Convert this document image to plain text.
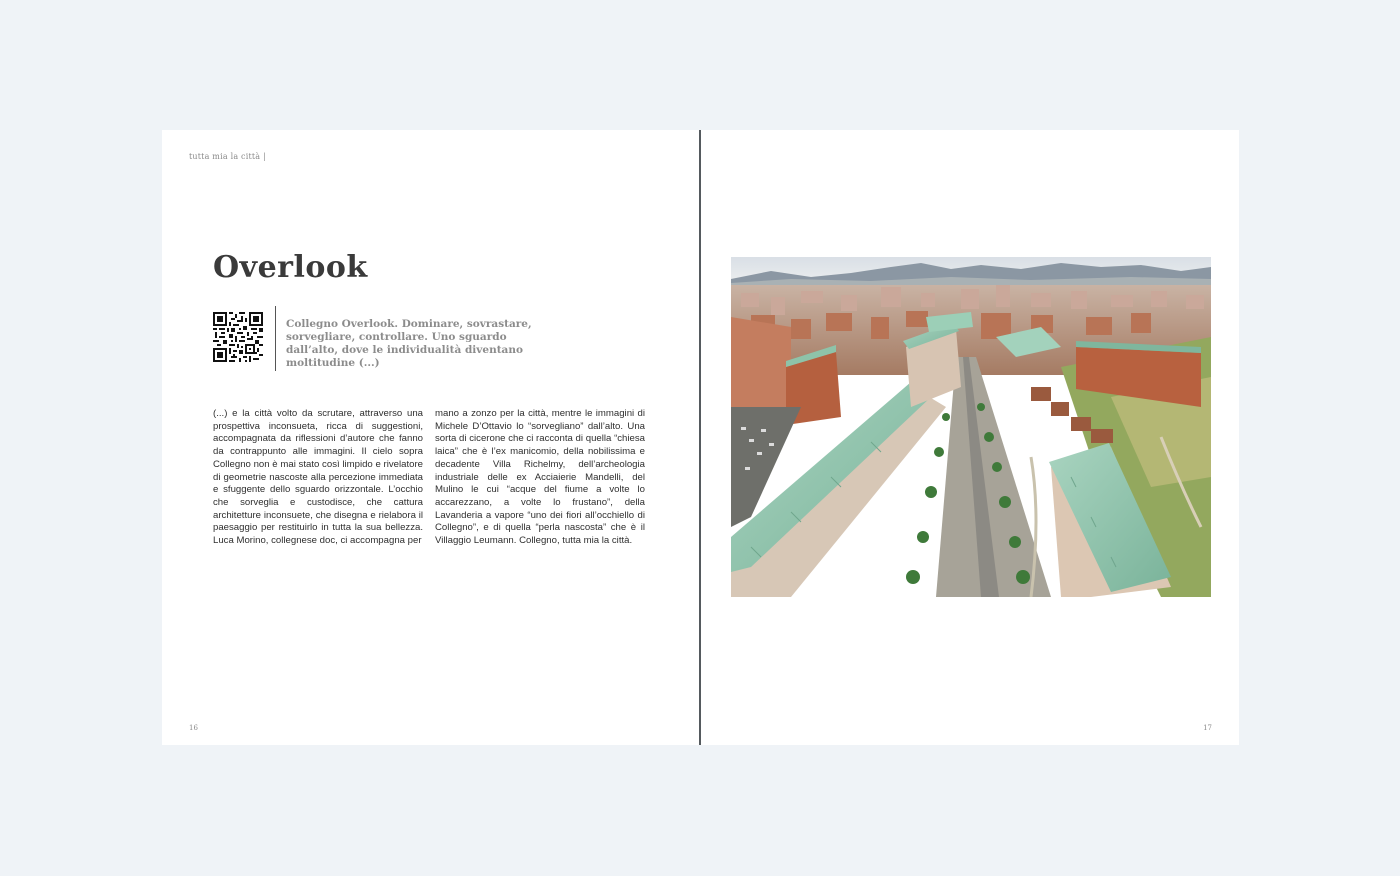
tutta mia la città |
Overlook

Collegno Overlook. Dominare, sovrastare, sorvegliare, controllare. Uno sguardo dall’alto, dove le individualità diventano moltitudine (...)

(...) e la città volto da scrutare, attraverso una prospettiva inconsueta, ricca di suggestioni, accompagnata da riflessioni d’autore che fanno da contrappunto alle immagini. Il cielo sopra Collegno non è mai stato così limpido e rivelatore di geometrie nascoste alla percezione immediata e sfuggente dello sguardo orizzontale. L’occhio che sorveglia e custodisce, che cattura architetture inconsuete, che disegna e rielabora il paesaggio per restituirlo in tutta la sua bellezza. Luca Morino, collegnese doc, ci accompagna per

mano a zonzo per la città, mentre le immagini di Michele D’Ottavio lo “sorvegliano” dall’alto. Una sorta di cicerone che ci racconta di quella “chiesa laica” che è l’ex manicomio, della nobilissima e decadente Villa Richelmy, dell’archeologia industriale delle ex Acciaierie Mandelli, del Mulino le cui “acque del fiume a volte lo accarezzano, a volte lo frustano”, della Lavanderia a vapore “uno dei fiori all’occhiello di Collegno”, e di quella “perla nascosta” che è il Villaggio Leumann. Collegno, tutta mia la città.

16	17
